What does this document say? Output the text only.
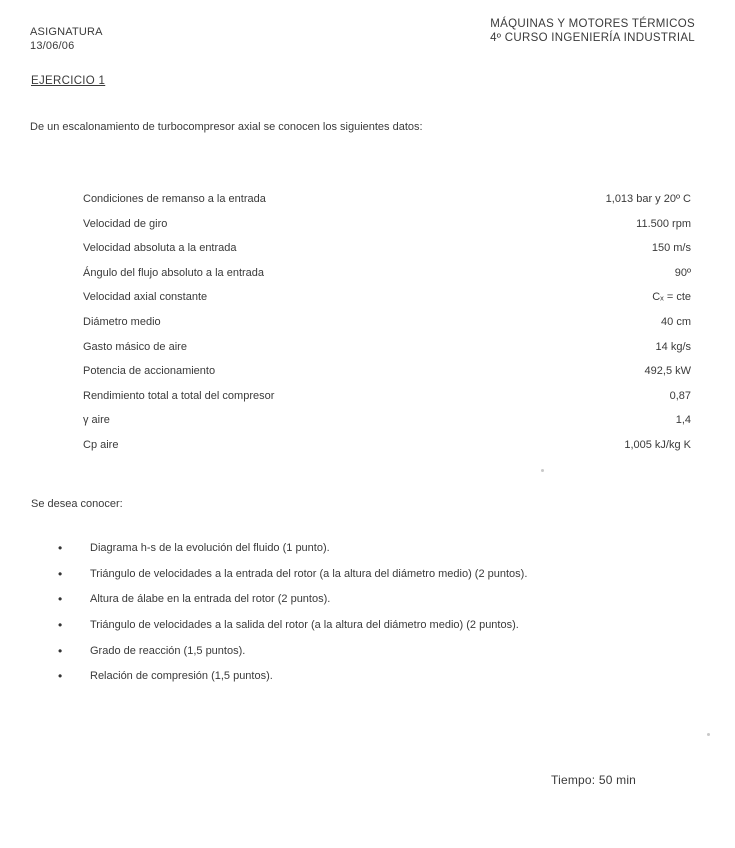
ASIGNATURA
13/06/06
MÁQUINAS Y MOTORES TÉRMICOS
4º CURSO INGENIERÍA INDUSTRIAL
EJERCICIO 1
De un escalonamiento de turbocompresor axial se conocen los siguientes datos:
Condiciones de remanso a la entrada	1,013 bar y 20º C
Velocidad de giro	11.500 rpm
Velocidad absoluta a la entrada	150 m/s
Ángulo del flujo absoluto a la entrada	90º
Velocidad axial constante	Cₓ = cte
Diámetro medio	40 cm
Gasto másico de aire	14 kg/s
Potencia de accionamiento	492,5 kW
Rendimiento total a total del compresor	0,87
γ aire	1,4
Cp aire	1,005 kJ/kg K
Se desea conocer:
•	Diagrama h-s de la evolución del fluido (1 punto).
•	Triángulo de velocidades a la entrada del rotor (a la altura del diámetro medio) (2 puntos).
•	Altura de álabe en la entrada del rotor (2 puntos).
•	Triángulo de velocidades a la salida del rotor (a la altura del diámetro medio) (2 puntos).
•	Grado de reacción (1,5 puntos).
•	Relación de compresión (1,5 puntos).
Tiempo: 50 min
